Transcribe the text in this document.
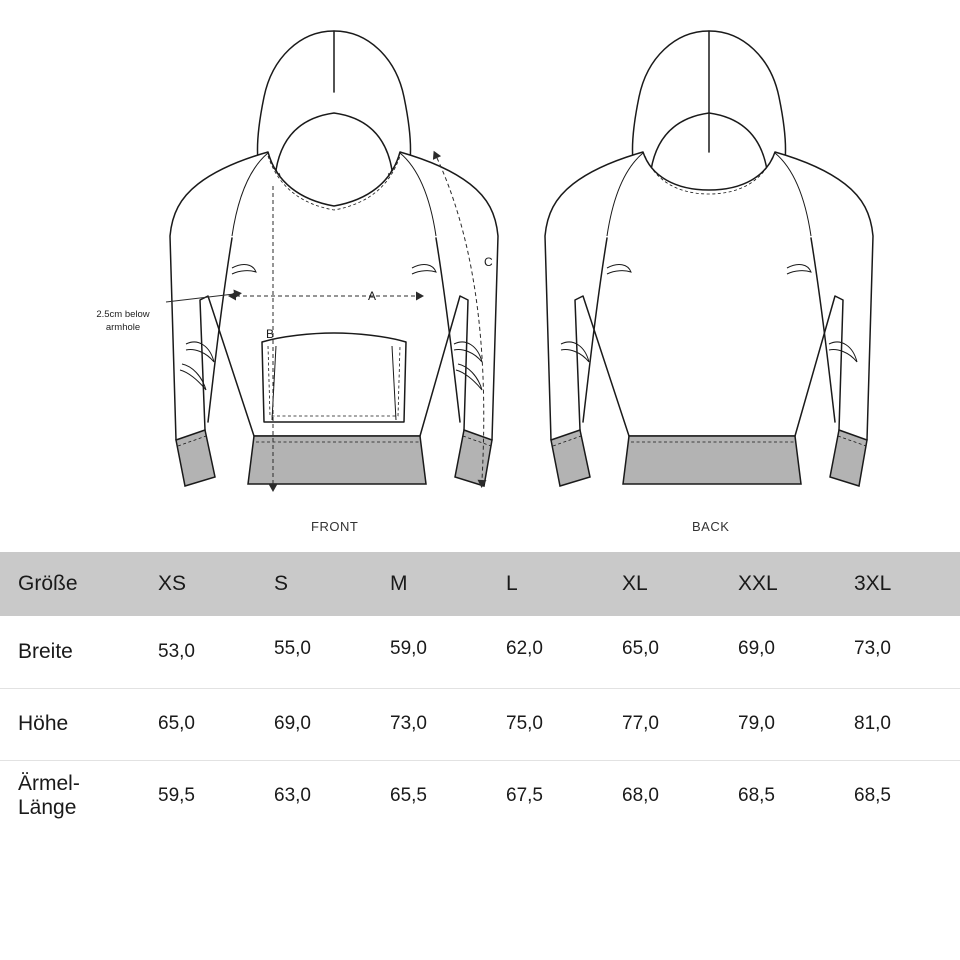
A
B
C
2.5cm below
armhole
FRONT	BACK
Größe	XS	S	M	L	XL	XXL	3XL
Breite	53,0	55,0	59,0	62,0	65,0	69,0	73,0
Höhe	65,0	69,0	73,0	75,0	77,0	79,0	81,0
Ärmel-
Länge	59,5	63,0	65,5	67,5	68,0	68,5	68,5
